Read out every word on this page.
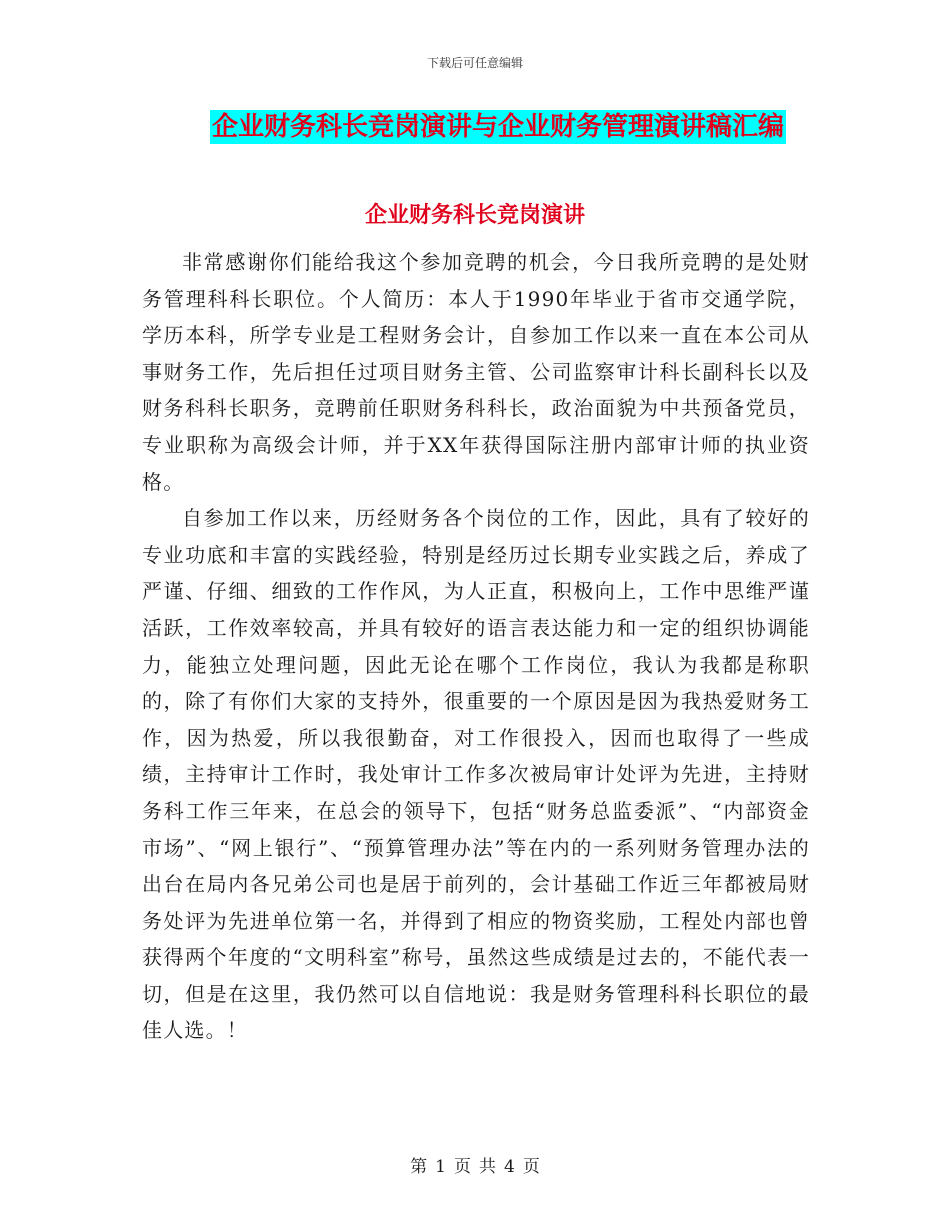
下载后可任意编辑
企业财务科长竞岗演讲与企业财务管理演讲稿汇编
企业财务科长竞岗演讲

非常感谢你们能给我这个参加竞聘的机会，今日我所竞聘的是处财务管理科科长职位。个人简历：本人于1990年毕业于省市交通学院，学历本科，所学专业是工程财务会计，自参加工作以来一直在本公司从事财务工作，先后担任过项目财务主管、公司监察审计科长副科长以及财务科科长职务，竞聘前任职财务科科长，政治面貌为中共预备党员，专业职称为高级会计师，并于XX年获得国际注册内部审计师的执业资格。

自参加工作以来，历经财务各个岗位的工作，因此，具有了较好的专业功底和丰富的实践经验，特别是经历过长期专业实践之后，养成了严谨、仔细、细致的工作作风，为人正直，积极向上，工作中思维严谨活跃，工作效率较高，并具有较好的语言表达能力和一定的组织协调能力，能独立处理问题，因此无论在哪个工作岗位，我认为我都是称职的，除了有你们大家的支持外，很重要的一个原因是因为我热爱财务工作，因为热爱，所以我很勤奋，对工作很投入，因而也取得了一些成绩，主持审计工作时，我处审计工作多次被局审计处评为先进，主持财务科工作三年来，在总会的领导下，包括“财务总监委派”、“内部资金市场”、“网上银行”、“预算管理办法”等在内的一系列财务管理办法的出台在局内各兄弟公司也是居于前列的，会计基础工作近三年都被局财务处评为先进单位第一名，并得到了相应的物资奖励，工程处内部也曾获得两个年度的“文明科室”称号，虽然这些成绩是过去的，不能代表一切，但是在这里，我仍然可以自信地说：我是财务管理科科长职位的最佳人选。！

第 1 页 共 4 页
